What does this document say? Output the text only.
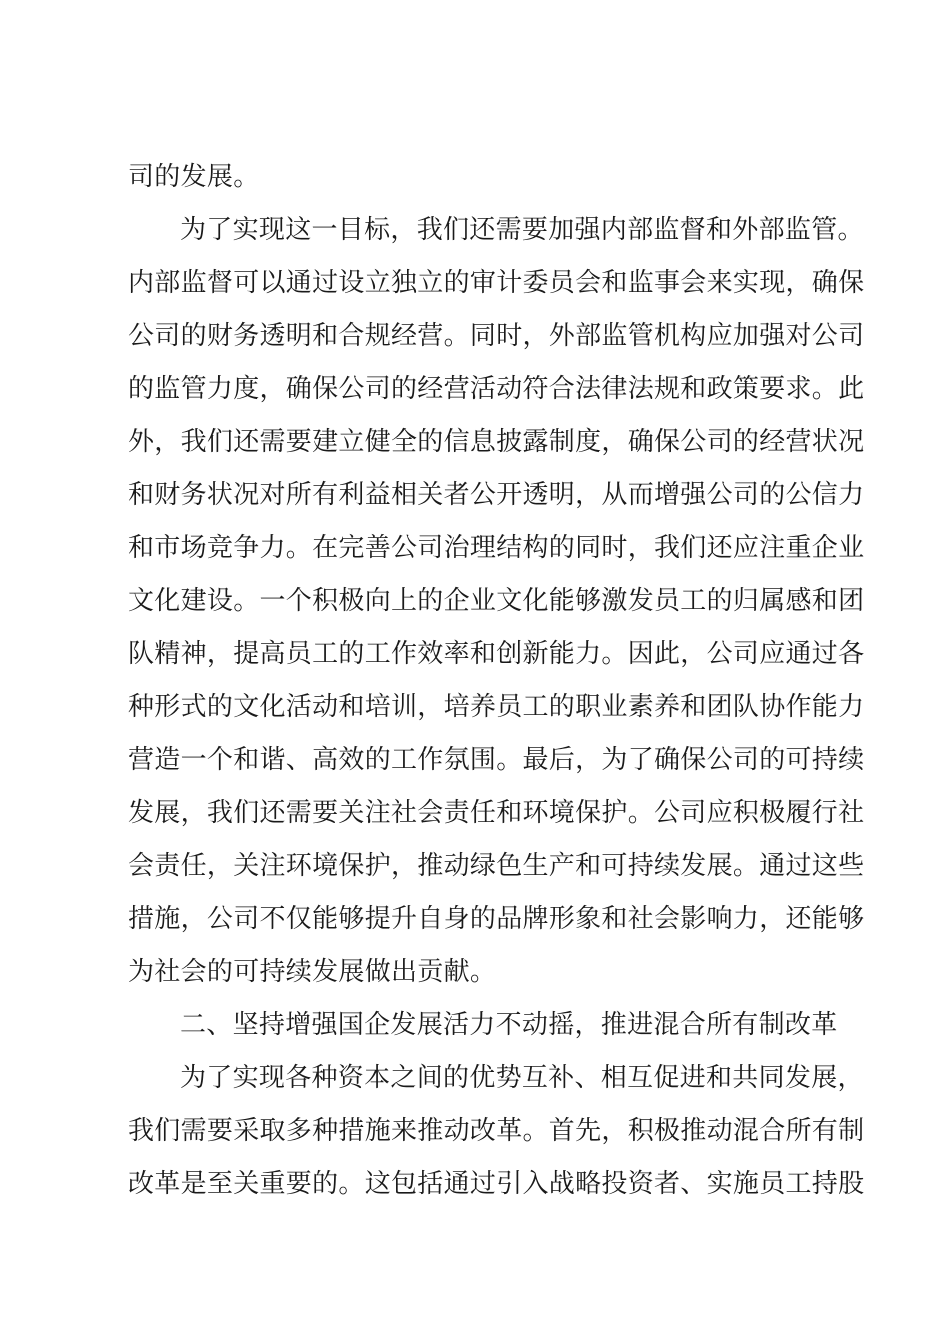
司的发展。
为了实现这一目标，我们还需要加强内部监督和外部监管。
内部监督可以通过设立独立的审计委员会和监事会来实现，确保
公司的财务透明和合规经营。同时，外部监管机构应加强对公司
的监管力度，确保公司的经营活动符合法律法规和政策要求。此
外，我们还需要建立健全的信息披露制度，确保公司的经营状况
和财务状况对所有利益相关者公开透明，从而增强公司的公信力
和市场竞争力。在完善公司治理结构的同时，我们还应注重企业
文化建设。一个积极向上的企业文化能够激发员工的归属感和团
队精神，提高员工的工作效率和创新能力。因此，公司应通过各
种形式的文化活动和培训，培养员工的职业素养和团队协作能力
营造一个和谐、高效的工作氛围。最后，为了确保公司的可持续
发展，我们还需要关注社会责任和环境保护。公司应积极履行社
会责任，关注环境保护，推动绿色生产和可持续发展。通过这些
措施，公司不仅能够提升自身的品牌形象和社会影响力，还能够
为社会的可持续发展做出贡献。
二、坚持增强国企发展活力不动摇，推进混合所有制改革
为了实现各种资本之间的优势互补、相互促进和共同发展，
我们需要采取多种措施来推动改革。首先，积极推动混合所有制
改革是至关重要的。这包括通过引入战略投资者、实施员工持股
